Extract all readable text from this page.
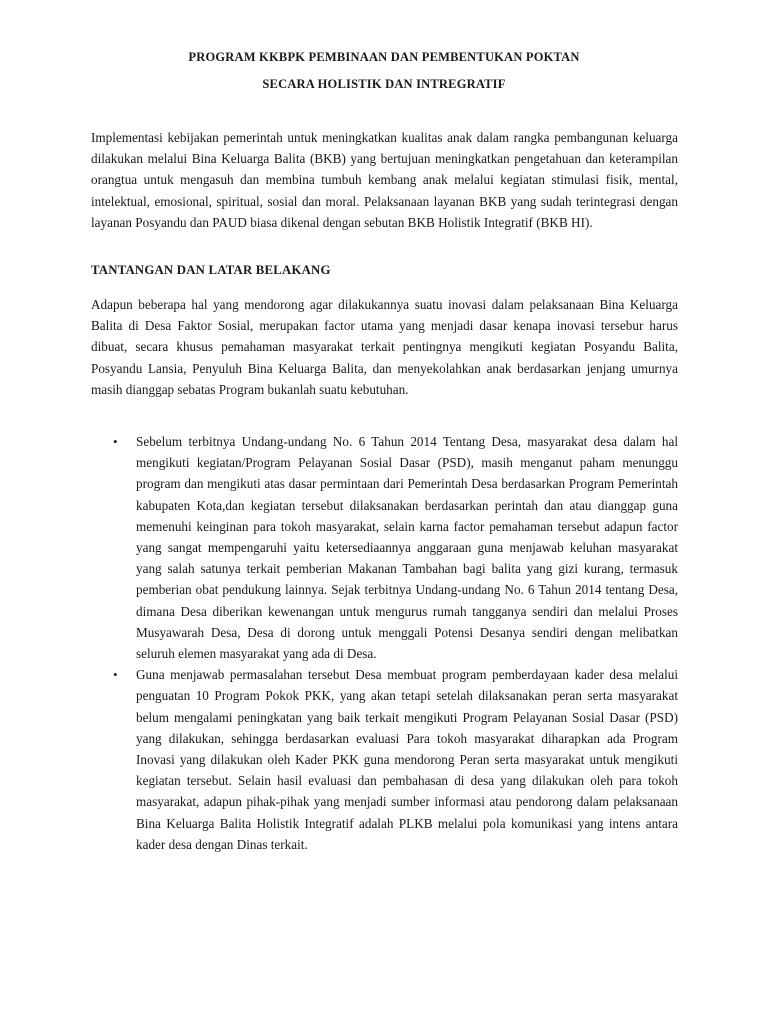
PROGRAM KKBPK PEMBINAAN DAN PEMBENTUKAN POKTAN
SECARA HOLISTIK DAN INTREGRATIF

Implementasi kebijakan pemerintah untuk meningkatkan kualitas anak dalam rangka pembangunan keluarga dilakukan melalui Bina Keluarga Balita (BKB) yang bertujuan meningkatkan pengetahuan dan keterampilan orangtua untuk mengasuh dan membina tumbuh kembang anak melalui kegiatan stimulasi fisik, mental, intelektual, emosional, spiritual, sosial dan moral. Pelaksanaan layanan BKB yang sudah terintegrasi dengan layanan Posyandu dan PAUD biasa dikenal dengan sebutan BKB Holistik Integratif (BKB HI).

TANTANGAN DAN LATAR BELAKANG

Adapun beberapa hal yang mendorong agar dilakukannya suatu inovasi dalam pelaksanaan Bina Keluarga Balita di Desa Faktor Sosial, merupakan factor utama yang menjadi dasar kenapa inovasi tersebur harus dibuat, secara khusus pemahaman masyarakat terkait pentingnya mengikuti kegiatan Posyandu Balita, Posyandu Lansia, Penyuluh Bina Keluarga Balita, dan menyekolahkan anak berdasarkan jenjang umurnya masih dianggap sebatas Program bukanlah suatu kebutuhan.

• Sebelum terbitnya Undang-undang No. 6 Tahun 2014 Tentang Desa, masyarakat desa dalam hal mengikuti kegiatan/Program Pelayanan Sosial Dasar (PSD), masih menganut paham menunggu program dan mengikuti atas dasar permintaan dari Pemerintah Desa berdasarkan Program Pemerintah kabupaten Kota,dan kegiatan tersebut dilaksanakan berdasarkan perintah dan atau dianggap guna memenuhi keinginan para tokoh masyarakat, selain karna factor pemahaman tersebut adapun factor yang sangat mempengaruhi yaitu ketersediaannya anggaraan guna menjawab keluhan masyarakat yang salah satunya terkait pemberian Makanan Tambahan bagi balita yang gizi kurang, termasuk pemberian obat pendukung lainnya. Sejak terbitnya Undang-undang No. 6 Tahun 2014 tentang Desa, dimana Desa diberikan kewenangan untuk mengurus rumah tangganya sendiri dan melalui Proses Musyawarah Desa, Desa di dorong untuk menggali Potensi Desanya sendiri dengan melibatkan seluruh elemen masyarakat yang ada di Desa.
• Guna menjawab permasalahan tersebut Desa membuat program pemberdayaan kader desa melalui penguatan 10 Program Pokok PKK, yang akan tetapi setelah dilaksanakan peran serta masyarakat belum mengalami peningkatan yang baik terkait mengikuti Program Pelayanan Sosial Dasar (PSD) yang dilakukan, sehingga berdasarkan evaluasi Para tokoh masyarakat diharapkan ada Program Inovasi yang dilakukan oleh Kader PKK guna mendorong Peran serta masyarakat untuk mengikuti kegiatan tersebut. Selain hasil evaluasi dan pembahasan di desa yang dilakukan oleh para tokoh masyarakat, adapun pihak-pihak yang menjadi sumber informasi atau pendorong dalam pelaksanaan Bina Keluarga Balita Holistik Integratif adalah PLKB melalui pola komunikasi yang intens antara kader desa dengan Dinas terkait.
